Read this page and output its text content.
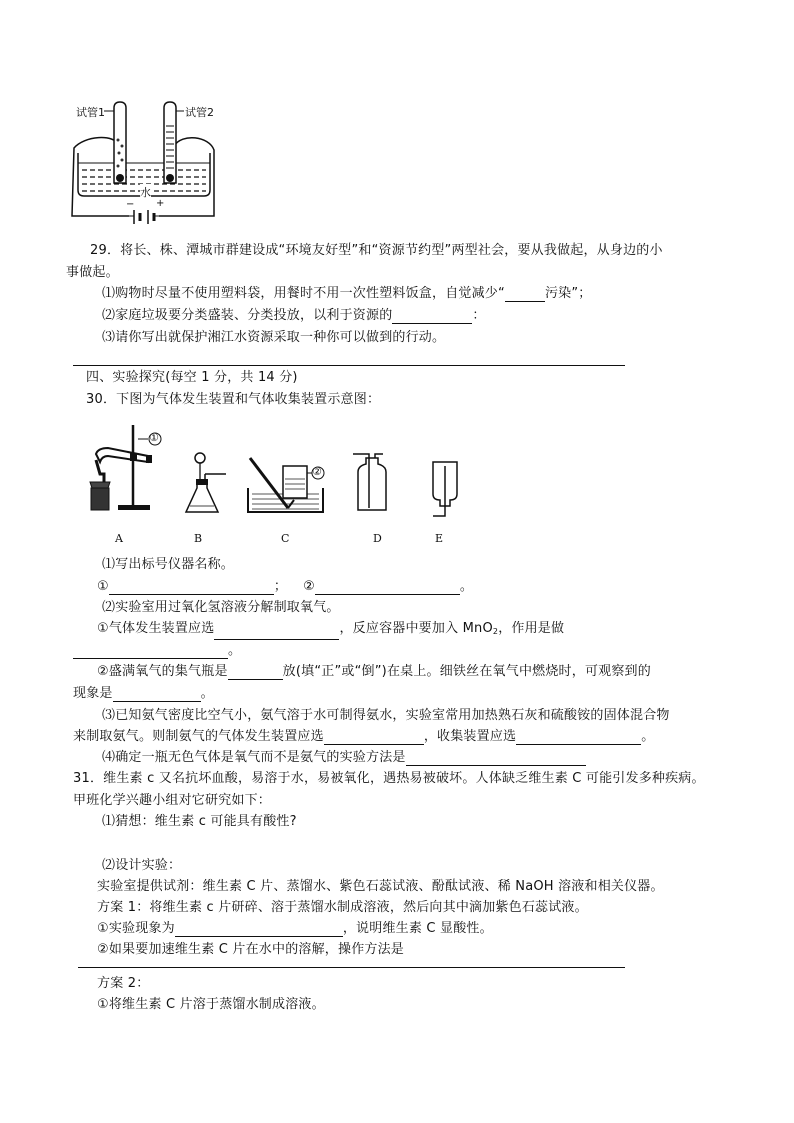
试管1	试管2
水
− +
29．将长、株、潭城市群建设成“环境友好型”和“资源节约型”两型社会，要从我做起，从身边的小
事做起。
⑴购物时尽量不使用塑料袋，用餐时不用一次性塑料饭盒，自觉减少“	污染”；
⑵家庭垃圾要分类盛装、分类投放，以利于资源的	：
⑶请你写出就保护湘江水资源采取一种你可以做到的行动。
四、实验探究(每空 1 分，共 14 分)
30．下图为气体发生装置和气体收集装置示意图：
A	B	C	D	E
①
②
⑴写出标号仪器名称。
①	； ②	。
⑵实验室用过氧化氢溶液分解制取氧气。
①气体发生装置应选	，反应容器中要加入 MnO$_2$，作用是做
。
②盛满氧气的集气瓶是	放(填“正”或“倒”)在桌上。细铁丝在氧气中燃烧时，可观察到的
现象是	。
⑶已知氨气密度比空气小，氨气溶于水可制得氨水，实验室常用加热熟石灰和硫酸铵的固体混合物
来制取氨气。则制氨气的气体发生装置应选	，收集装置应选	。
⑷确定一瓶无色气体是氧气而不是氨气的实验方法是
31．维生素 c 又名抗坏血酸，易溶于水，易被氧化，遇热易被破坏。人体缺乏维生素 C 可能引发多种疾病。
甲班化学兴趣小组对它研究如下：
⑴猜想：维生素 c 可能具有酸性?
⑵设计实验：
实验室提供试剂：维生素 C 片、蒸馏水、紫色石蕊试液、酚酞试液、稀 NaOH 溶液和相关仪器。
方案 1：将维生素 c 片研碎、溶于蒸馏水制成溶液，然后向其中滴加紫色石蕊试液。
①实验现象为	，说明维生素 C 显酸性。
②如果要加速维生素 C 片在水中的溶解，操作方法是
方案 2：
①将维生素 C 片溶于蒸馏水制成溶液。
